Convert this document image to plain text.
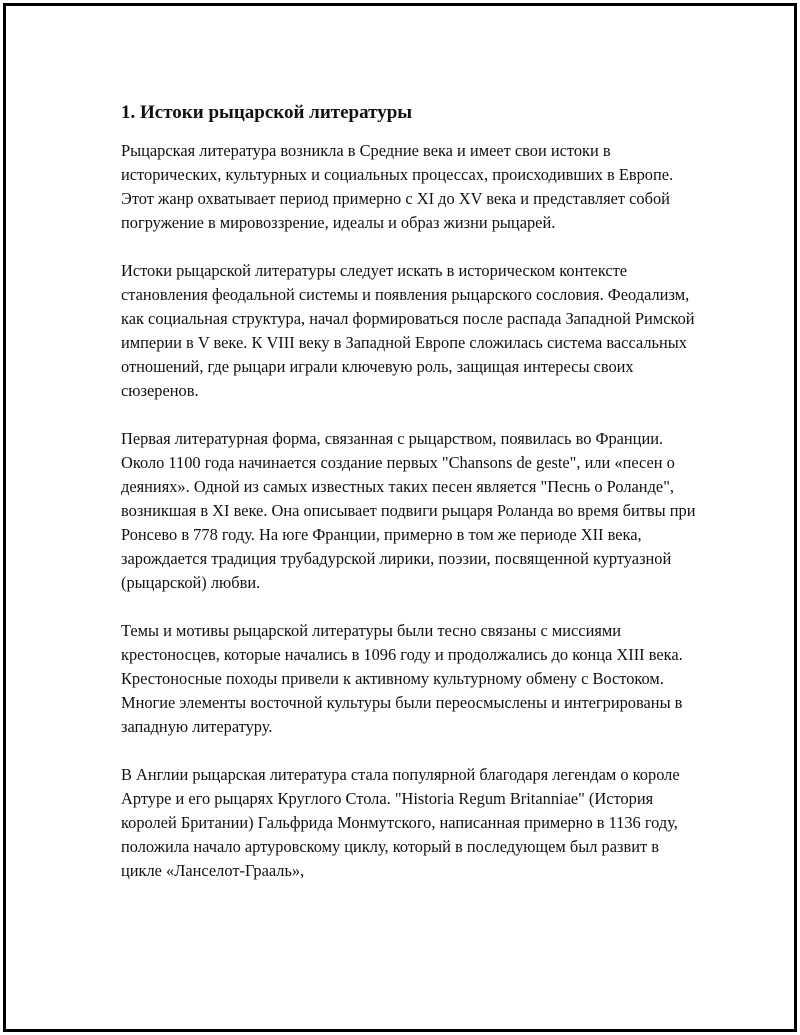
1. Истоки рыцарской литературы

Рыцарская литература возникла в Средние века и имеет свои истоки в исторических, культурных и социальных процессах, происходивших в Европе. Этот жанр охватывает период примерно с XI до XV века и представляет собой погружение в мировоззрение, идеалы и образ жизни рыцарей.

Истоки рыцарской литературы следует искать в историческом контексте становления феодальной системы и появления рыцарского сословия. Феодализм, как социальная структура, начал формироваться после распада Западной Римской империи в V веке. К VIII веку в Западной Европе сложилась система вассальных отношений, где рыцари играли ключевую роль, защищая интересы своих сюзеренов.

Первая литературная форма, связанная с рыцарством, появилась во Франции. Около 1100 года начинается создание первых "Chansons de geste", или «песен о деяниях». Одной из самых известных таких песен является "Песнь о Роланде", возникшая в XI веке. Она описывает подвиги рыцаря Роланда во время битвы при Ронсево в 778 году. На юге Франции, примерно в том же периоде XII века, зарождается традиция трубадурской лирики, поэзии, посвященной куртуазной (рыцарской) любви.

Темы и мотивы рыцарской литературы были тесно связаны с миссиями крестоносцев, которые начались в 1096 году и продолжались до конца XIII века. Крестоносные походы привели к активному культурному обмену с Востоком. Многие элементы восточной культуры были переосмыслены и интегрированы в западную литературу.

В Англии рыцарская литература стала популярной благодаря легендам о короле Артуре и его рыцарях Круглого Стола. "Historia Regum Britanniae" (История королей Британии) Гальфрида Монмутского, написанная примерно в 1136 году, положила начало артуровскому циклу, который в последующем был развит в цикле «Ланселот-Грааль»,
